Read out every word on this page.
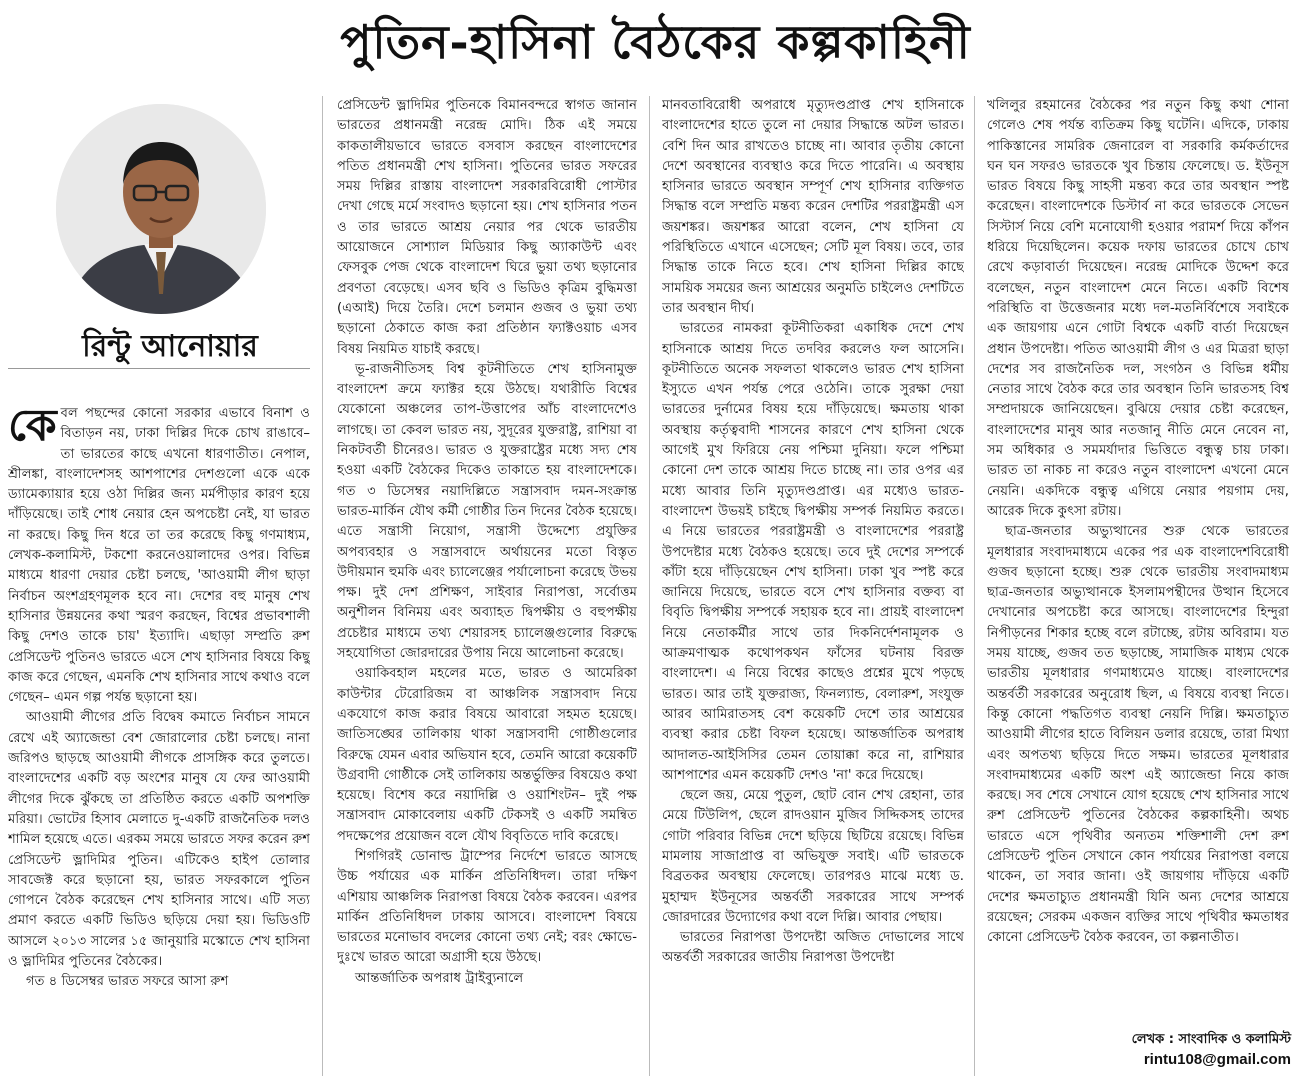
পুতিন-হাসিনা বৈঠকের কল্পকাহিনী
রিন্টু আনোয়ার

কেবল পছন্দের কোনো সরকার এভাবে বিনাশ ও বিতাড়ন নয়, ঢাকা দিল্লির দিকে চোখ রাঙাবে– তা ভারতের কাছে এখনো ধারণাতীত। নেপাল, শ্রীলঙ্কা, বাংলাদেশসহ আশপাশের দেশগুলো একে একে ড্যামেক্যায়ার হয়ে ওঠা দিল্লির জন্য মর্মপীড়ার কারণ হয়ে দাঁড়িয়েছে। তাই শোধ নেয়ার হেন অপচেষ্টা নেই, যা ভারত না করছে। কিছু দিন ধরে তা তর করেছে কিছু গণমাধ্যম, লেখক-কলামিস্ট, টকশো করনেওয়ালাদের ওপর। বিভিন্ন মাধ্যমে ধারণা দেয়ার চেষ্টা চলছে, 'আওয়ামী লীগ ছাড়া নির্বাচন অংশগ্রহণমূলক হবে না। দেশের বহু মানুষ শেখ হাসিনার উন্নয়নের কথা স্মরণ করছেন, বিশ্বের প্রভাবশালী কিছু দেশও তাকে চায়' ইত্যাদি। এছাড়া সম্প্রতি রুশ প্রেসিডেন্ট পুতিনও ভারতে এসে শেখ হাসিনার বিষয়ে কিছু কাজ করে গেছেন, এমনকি শেখ হাসিনার সাথে কথাও বলে গেছেন– এমন গল্প পর্যন্ত ছড়ানো হয়।

আওয়ামী লীগের প্রতি বিদ্বেষ কমাতে নির্বাচন সামনে রেখে এই অ্যাজেন্ডা বেশ জোরালোর চেষ্টা চলছে। নানা জরিপও ছাড়ছে আওয়ামী লীগকে প্রাসঙ্গিক করে তুলতে। বাংলাদেশের একটি বড় অংশের মানুষ যে ফের আওয়ামী লীগের দিকে ঝুঁকছে তা প্রতিষ্ঠিত করতে একটি অপশক্তি মরিয়া। ভোটের হিসাব মেলাতে দু-একটি রাজনৈতিক দলও শামিল হয়েছে এতে। এরকম সময়ে ভারতে সফর করেন রুশ প্রেসিডেন্ট ভ্লাদিমির পুতিন। এটিকেও হাইপ তোলার সাবজেক্ট করে ছড়ানো হয়, ভারত সফরকালে পুতিন গোপনে বৈঠক করেছেন শেখ হাসিনার সাথে। এটি সত্য প্রমাণ করতে একটি ভিডিও ছড়িয়ে দেয়া হয়। ভিডিওটি আসলে ২০১৩ সালের ১৫ জানুয়ারি মস্কোতে শেখ হাসিনা ও ভ্লাদিমির পুতিনের বৈঠকের।

গত ৪ ডিসেম্বর ভারত সফরে আসা রুশ

প্রেসিডেন্ট ভ্লাদিমির পুতিনকে বিমানবন্দরে স্বাগত জানান ভারতের প্রধানমন্ত্রী নরেন্দ্র মোদি। ঠিক এই সময়ে কাকতালীয়ভাবে ভারতে বসবাস করছেন বাংলাদেশের পতিত প্রধানমন্ত্রী শেখ হাসিনা। পুতিনের ভারত সফরের সময় দিল্লির রাস্তায় বাংলাদেশ সরকারবিরোধী পোস্টার দেখা গেছে মর্মে সংবাদও ছড়ানো হয়। শেখ হাসিনার পতন ও তার ভারতে আশ্রয় নেয়ার পর থেকে ভারতীয় আয়োজনে সোশ্যাল মিডিয়ার কিছু অ্যাকাউন্ট এবং ফেসবুক পেজ থেকে বাংলাদেশ ঘিরে ভুয়া তথ্য ছড়ানোর প্রবণতা বেড়েছে। এসব ছবি ও ভিডিও কৃত্রিম বুদ্ধিমত্তা (এআই) দিয়ে তৈরি। দেশে চলমান গুজব ও ভুয়া তথ্য ছড়ানো ঠেকাতে কাজ করা প্রতিষ্ঠান ফ্যাক্টওয়াচ এসব বিষয় নিয়মিত যাচাই করছে।

ভূ-রাজনীতিসহ বিশ্ব কূটনীতিতে শেখ হাসিনামুক্ত বাংলাদেশ ক্রমে ফ্যাক্টর হয়ে উঠছে। যথারীতি বিশ্বের যেকোনো অঞ্চলের তাপ-উত্তাপের আঁচ বাংলাদেশেও লাগছে। তা কেবল ভারত নয়, সুদূরের যুক্তরাষ্ট্র, রাশিয়া বা নিকটবর্তী চীনেরও। ভারত ও যুক্তরাষ্ট্রের মধ্যে সদ্য শেষ হওয়া একটি বৈঠকের দিকেও তাকাতে হয় বাংলাদেশকে। গত ৩ ডিসেম্বর নয়াদিল্লিতে সন্ত্রাসবাদ দমন-সংক্রান্ত ভারত-মার্কিন যৌথ কর্মী গোষ্ঠীর তিন দিনের বৈঠক হয়েছে। এতে সন্ত্রাসী নিয়োগ, সন্ত্রাসী উদ্দেশ্যে প্রযুক্তির অপব্যবহার ও সন্ত্রাসবাদে অর্থায়নের মতো বিস্তৃত উদীয়মান হুমকি এবং চ্যালেঞ্জের পর্যালোচনা করেছে উভয় পক্ষ। দুই দেশ প্রশিক্ষণ, সাইবার নিরাপত্তা, সর্বোত্তম অনুশীলন বিনিময় এবং অব্যাহত দ্বিপক্ষীয় ও বহুপক্ষীয় প্রচেষ্টার মাধ্যমে তথ্য শেয়ারসহ চ্যালেঞ্জগুলোর বিরুদ্ধে সহযোগিতা জোরদারের উপায় নিয়ে আলোচনা করেছে।

ওয়াকিবহাল মহলের মতে, ভারত ও আমেরিকা কাউন্টার টেরোরিজম বা আঞ্চলিক সন্ত্রাসবাদ নিয়ে একযোগে কাজ করার বিষয়ে আবারো সহমত হয়েছে। জাতিসঙ্ঘের তালিকায় থাকা সন্ত্রাসবাদী গোষ্ঠীগুলোর বিরুদ্ধে যেমন এবার অভিযান হবে, তেমনি আরো কয়েকটি উগ্রবাদী গোষ্ঠীকে সেই তালিকায় অন্তর্ভুক্তির বিষয়েও কথা হয়েছে। বিশেষ করে নয়াদিল্লি ও ওয়াশিংটন– দুই পক্ষ সন্ত্রাসবাদ মোকাবেলায় একটি টেকসই ও একটি সমন্বিত পদক্ষেপের প্রয়োজন বলে যৌথ বিবৃতিতে দাবি করেছে।

শিগগিরই ডোনাল্ড ট্রাম্পের নির্দেশে ভারতে আসছে উচ্চ পর্যায়ের এক মার্কিন প্রতিনিধিদল। তারা দক্ষিণ এশিয়ায় আঞ্চলিক নিরাপত্তা বিষয়ে বৈঠক করবেন। এরপর মার্কিন প্রতিনিধিদল ঢাকায় আসবে। বাংলাদেশ বিষয়ে ভারতের মনোভাব বদলের কোনো তথ্য নেই; বরং ক্ষোভে-দুঃখে ভারত আরো অগ্রাসী হয়ে উঠছে।

আন্তর্জাতিক অপরাধ ট্রাইব্যুনালে

মানবতাবিরোধী অপরাধে মৃত্যুদণ্ডপ্রাপ্ত শেখ হাসিনাকে বাংলাদেশের হাতে তুলে না দেয়ার সিদ্ধান্তে অটল ভারত। বেশি দিন আর রাখতেও চাচ্ছে না। আবার তৃতীয় কোনো দেশে অবস্থানের ব্যবস্থাও করে দিতে পারেনি। এ অবস্থায় হাসিনার ভারতে অবস্থান সম্পূর্ণ শেখ হাসিনার ব্যক্তিগত সিদ্ধান্ত বলে সম্প্রতি মন্তব্য করেন দেশটির পররাষ্ট্রমন্ত্রী এস জয়শঙ্কর। জয়শঙ্কর আরো বলেন, শেখ হাসিনা যে পরিস্থিতিতে এখানে এসেছেন; সেটি মূল বিষয়। তবে, তার সিদ্ধান্ত তাকে নিতে হবে। শেখ হাসিনা দিল্লির কাছে সাময়িক সময়ের জন্য আশ্রয়ের অনুমতি চাইলেও দেশটিতে তার অবস্থান দীর্ঘ।

ভারতের নামকরা কূটনীতিকরা একাধিক দেশে শেখ হাসিনাকে আশ্রয় দিতে তদবির করলেও ফল আসেনি। কূটনীতিতে অনেক সফলতা থাকলেও ভারত শেখ হাসিনা ইস্যুতে এখন পর্যন্ত পেরে ওঠেনি। তাকে সুরক্ষা দেয়া ভারতের দুর্নামের বিষয় হয়ে দাঁড়িয়েছে। ক্ষমতায় থাকা অবস্থায় কর্তৃত্ববাদী শাসনের কারণে শেখ হাসিনা থেকে আগেই মুখ ফিরিয়ে নেয় পশ্চিমা দুনিয়া। ফলে পশ্চিমা কোনো দেশ তাকে আশ্রয় দিতে চাচ্ছে না। তার ওপর এর মধ্যে আবার তিনি মৃত্যুদণ্ডপ্রাপ্ত। এর মধ্যেও ভারত-বাংলাদেশ উভয়ই চাইছে দ্বিপক্ষীয় সম্পর্ক নিয়মিত করতে। এ নিয়ে ভারতের পররাষ্ট্রমন্ত্রী ও বাংলাদেশের পররাষ্ট্র উপদেষ্টার মধ্যে বৈঠকও হয়েছে। তবে দুই দেশের সম্পর্কে কাঁটা হয়ে দাঁড়িয়েছেন শেখ হাসিনা। ঢাকা খুব স্পষ্ট করে জানিয়ে দিয়েছে, ভারতে বসে শেখ হাসিনার বক্তব্য বা বিবৃতি দ্বিপক্ষীয় সম্পর্কে সহায়ক হবে না। প্রায়ই বাংলাদেশ নিয়ে নেতাকর্মীর সাথে তার দিকনির্দেশনামূলক ও আক্রমণাত্মক কথোপকথন ফাঁসের ঘটনায় বিরক্ত বাংলাদেশ। এ নিয়ে বিশ্বের কাছেও প্রশ্নের মুখে পড়ছে ভারত। আর তাই যুক্তরাজ্য, ফিনল্যান্ড, বেলারুশ, সংযুক্ত আরব আমিরাতসহ বেশ কয়েকটি দেশে তার আশ্রয়ের ব্যবস্থা করার চেষ্টা বিফল হয়েছে। আন্তর্জাতিক অপরাধ আদালত-আইসিসির তেমন তোয়াক্কা করে না, রাশিয়ার আশপাশের এমন কয়েকটি দেশও 'না' করে দিয়েছে।

ছেলে জয়, মেয়ে পুতুল, ছোট বোন শেখ রেহানা, তার মেয়ে টিউলিপ, ছেলে রাদওয়ান মুজিব সিদ্দিকসহ তাদের গোটা পরিবার বিভিন্ন দেশে ছড়িয়ে ছিটিয়ে রয়েছে। বিভিন্ন মামলায় সাজাপ্রাপ্ত বা অভিযুক্ত সবাই। এটি ভারতকে বিব্রতকর অবস্থায় ফেলেছে। তারপরও মাঝে মধ্যে ড. মুহাম্মদ ইউনূসের অন্তর্বর্তী সরকারের সাথে সম্পর্ক জোরদারের উদ্যোগের কথা বলে দিল্লি। আবার পেছায়।

ভারতের নিরাপত্তা উপদেষ্টা অজিত দোভালের সাথে অন্তর্বর্তী সরকারের জাতীয় নিরাপত্তা উপদেষ্টা

খলিলুর রহমানের বৈঠকের পর নতুন কিছু কথা শোনা গেলেও শেষ পর্যন্ত ব্যতিক্রম কিছু ঘটেনি। এদিকে, ঢাকায় পাকিস্তানের সামরিক জেনারেল বা সরকারি কর্মকর্তাদের ঘন ঘন সফরও ভারতকে খুব চিন্তায় ফেলেছে। ড. ইউনূস ভারত বিষয়ে কিছু সাহসী মন্তব্য করে তার অবস্থান স্পষ্ট করেছেন। বাংলাদেশকে ডিস্টার্ব না করে ভারতকে সেভেন সিস্টার্স নিয়ে বেশি মনোযোগী হওয়ার পরামর্শ দিয়ে কাঁপন ধরিয়ে দিয়েছিলেন। কয়েক দফায় ভারতের চোখে চোখ রেখে কড়াবার্তা দিয়েছেন। নরেন্দ্র মোদিকে উদ্দেশ করে বলেছেন, নতুন বাংলাদেশ মেনে নিতে। একটি বিশেষ পরিস্থিতি বা উত্তেজনার মধ্যে দল-মতনির্বিশেষে সবাইকে এক জায়গায় এনে গোটা বিশ্বকে একটি বার্তা দিয়েছেন প্রধান উপদেষ্টা। পতিত আওয়ামী লীগ ও এর মিত্ররা ছাড়া দেশের সব রাজনৈতিক দল, সংগঠন ও বিভিন্ন ধর্মীয় নেতার সাথে বৈঠক করে তার অবস্থান তিনি ভারতসহ বিশ্ব সম্প্রদায়কে জানিয়েছেন। বুঝিয়ে দেয়ার চেষ্টা করেছেন, বাংলাদেশের মানুষ আর নতজানু নীতি মেনে নেবেন না, সম অধিকার ও সমমর্যাদার ভিত্তিতে বন্ধুত্ব চায় ঢাকা। ভারত তা নাকচ না করেও নতুন বাংলাদেশ এখনো মেনে নেয়নি। একদিকে বন্ধুত্ব এগিয়ে নেয়ার পয়গাম দেয়, আরেক দিকে কুৎসা রটায়।

ছাত্র-জনতার অভ্যুত্থানের শুরু থেকে ভারতের মূলধারার সংবাদমাধ্যমে একের পর এক বাংলাদেশবিরোধী গুজব ছড়ানো হচ্ছে। শুরু থেকে ভারতীয় সংবাদমাধ্যম ছাত্র-জনতার অভ্যুত্থানকে ইসলামপন্থীদের উত্থান হিসেবে দেখানোর অপচেষ্টা করে আসছে। বাংলাদেশের হিন্দুরা নিপীড়নের শিকার হচ্ছে বলে রটাচ্ছে, রটায় অবিরাম। যত সময় যাচ্ছে, গুজব তত ছড়াচ্ছে, সামাজিক মাধ্যম থেকে ভারতীয় মূলধারার গণমাধ্যমেও যাচ্ছে। বাংলাদেশের অন্তর্বর্তী সরকারের অনুরোধ ছিল, এ বিষয়ে ব্যবস্থা নিতে। কিন্তু কোনো পদ্ধতিগত ব্যবস্থা নেয়নি দিল্লি। ক্ষমতাচ্যুত আওয়ামী লীগের হাতে বিলিয়ন ডলার রয়েছে, তারা মিথ্যা এবং অপতথ্য ছড়িয়ে দিতে সক্ষম। ভারতের মূলধারার সংবাদমাধ্যমের একটি অংশ এই অ্যাজেন্ডা নিয়ে কাজ করছে। সব শেষে সেখানে যোগ হয়েছে শেখ হাসিনার সাথে রুশ প্রেসিডেন্ট পুতিনের বৈঠকের কল্পকাহিনী। অথচ ভারতে এসে পৃথিবীর অন্যতম শক্তিশালী দেশ রুশ প্রেসিডেন্ট পুতিন সেখানে কোন পর্যায়ের নিরাপত্তা বলয়ে থাকেন, তা সবার জানা। ওই জায়গায় দাঁড়িয়ে একটি দেশের ক্ষমতাচ্যুত প্রধানমন্ত্রী যিনি অন্য দেশের আশ্রয়ে রয়েছেন; সেরকম একজন ব্যক্তির সাথে পৃথিবীর ক্ষমতাধর কোনো প্রেসিডেন্ট বৈঠক করবেন, তা কল্পনাতীত।

লেখক : সাংবাদিক ও কলামিস্ট
rintu108@gmail.com
